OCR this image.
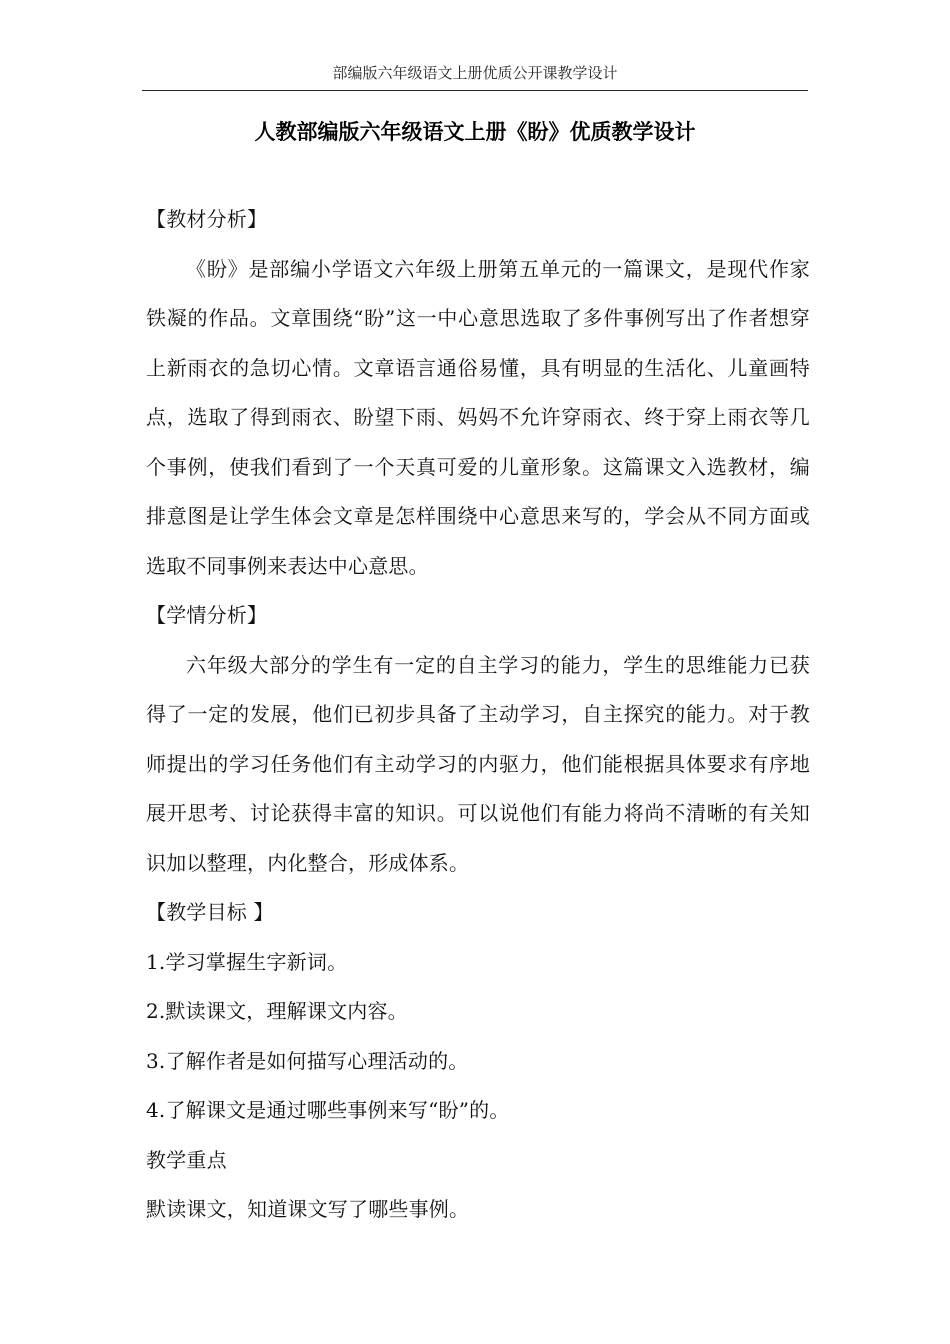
部编版六年级语文上册优质公开课教学设计
人教部编版六年级语文上册《盼》优质教学设计

【教材分析】

《盼》是部编小学语文六年级上册第五单元的一篇课文，是现代作家铁凝的作品。文章围绕“盼”这一中心意思选取了多件事例写出了作者想穿上新雨衣的急切心情。文章语言通俗易懂，具有明显的生活化、儿童画特点，选取了得到雨衣、盼望下雨、妈妈不允许穿雨衣、终于穿上雨衣等几个事例，使我们看到了一个天真可爱的儿童形象。这篇课文入选教材，编排意图是让学生体会文章是怎样围绕中心意思来写的，学会从不同方面或选取不同事例来表达中心意思。

【学情分析】

六年级大部分的学生有一定的自主学习的能力，学生的思维能力已获得了一定的发展，他们已初步具备了主动学习，自主探究的能力。对于教师提出的学习任务他们有主动学习的内驱力，他们能根据具体要求有序地展开思考、讨论获得丰富的知识。可以说他们有能力将尚不清晰的有关知识加以整理，内化整合，形成体系。

【教学目标 】

1.学习掌握生字新词。

2.默读课文，理解课文内容。

3.了解作者是如何描写心理活动的。

4.了解课文是通过哪些事例来写“盼”的。

教学重点

默读课文，知道课文写了哪些事例。
